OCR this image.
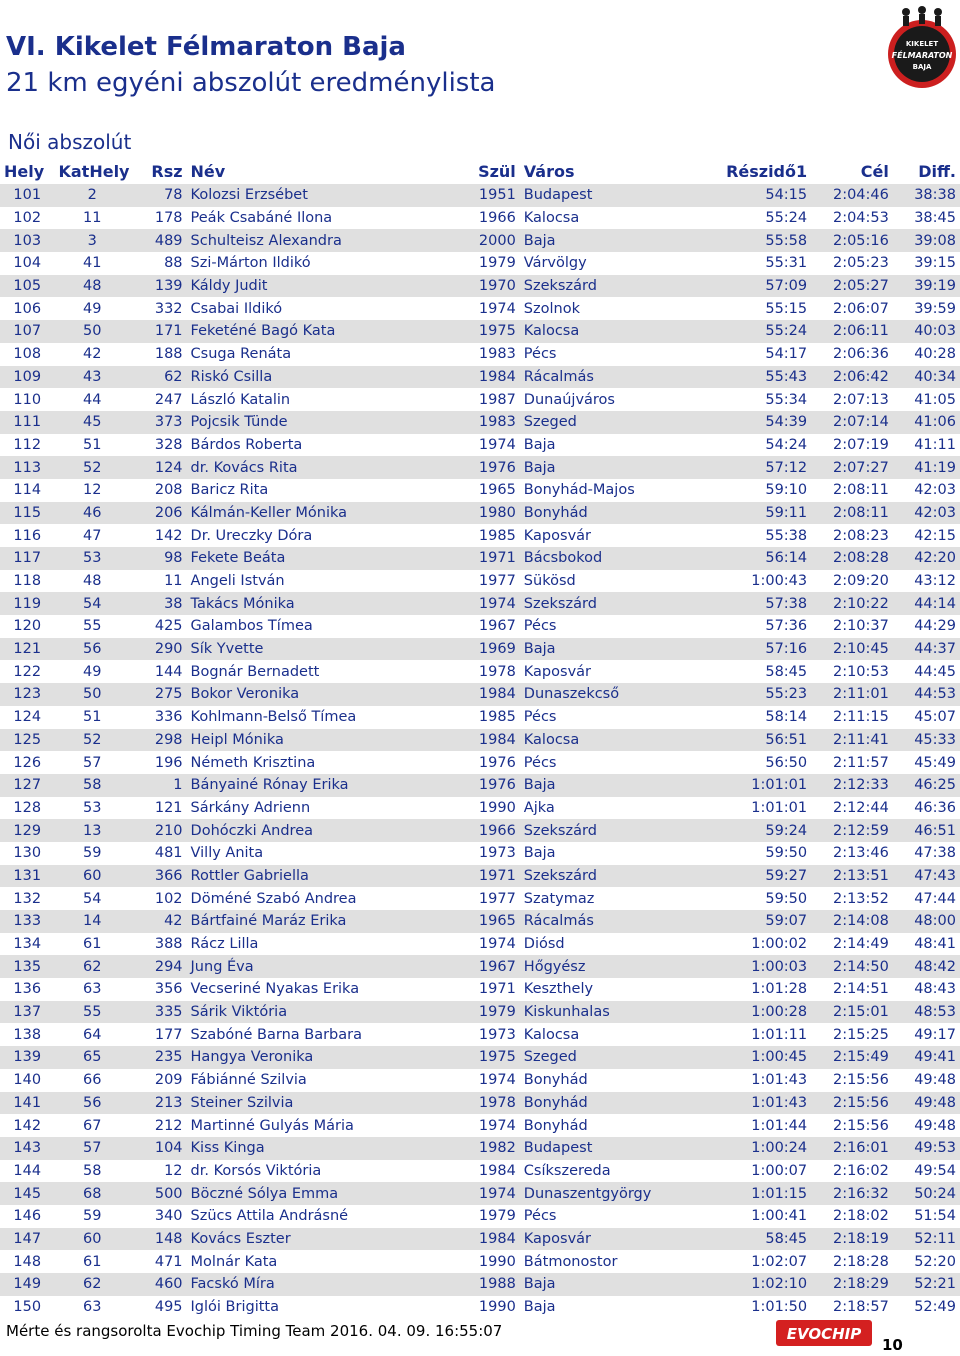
VI. Kikelet Félmaraton Baja
21 km egyéni abszolút eredménylista
Női abszolút
KIKELET
FÉLMARATON
BAJA
Hely	KatHely	Rsz	Név	Szül	Város	Részidő1	Cél	Diff.
101	2	78	Kolozsi Erzsébet	1951	Budapest	54:15	2:04:46	38:38
102	11	178	Peák Csabáné Ilona	1966	Kalocsa	55:24	2:04:53	38:45
103	3	489	Schulteisz Alexandra	2000	Baja	55:58	2:05:16	39:08
104	41	88	Szi-Márton Ildikó	1979	Várvölgy	55:31	2:05:23	39:15
105	48	139	Káldy Judit	1970	Szekszárd	57:09	2:05:27	39:19
106	49	332	Csabai Ildikó	1974	Szolnok	55:15	2:06:07	39:59
107	50	171	Feketéné Bagó Kata	1975	Kalocsa	55:24	2:06:11	40:03
108	42	188	Csuga Renáta	1983	Pécs	54:17	2:06:36	40:28
109	43	62	Riskó Csilla	1984	Rácalmás	55:43	2:06:42	40:34
110	44	247	László Katalin	1987	Dunaújváros	55:34	2:07:13	41:05
111	45	373	Pojcsik Tünde	1983	Szeged	54:39	2:07:14	41:06
112	51	328	Bárdos Roberta	1974	Baja	54:24	2:07:19	41:11
113	52	124	dr. Kovács Rita	1976	Baja	57:12	2:07:27	41:19
114	12	208	Baricz Rita	1965	Bonyhád-Majos	59:10	2:08:11	42:03
115	46	206	Kálmán-Keller Mónika	1980	Bonyhád	59:11	2:08:11	42:03
116	47	142	Dr. Ureczky Dóra	1985	Kaposvár	55:38	2:08:23	42:15
117	53	98	Fekete Beáta	1971	Bácsbokod	56:14	2:08:28	42:20
118	48	11	Angeli István	1977	Sükösd	1:00:43	2:09:20	43:12
119	54	38	Takács Mónika	1974	Szekszárd	57:38	2:10:22	44:14
120	55	425	Galambos Tímea	1967	Pécs	57:36	2:10:37	44:29
121	56	290	Sík Yvette	1969	Baja	57:16	2:10:45	44:37
122	49	144	Bognár Bernadett	1978	Kaposvár	58:45	2:10:53	44:45
123	50	275	Bokor Veronika	1984	Dunaszekcső	55:23	2:11:01	44:53
124	51	336	Kohlmann-Belső Tímea	1985	Pécs	58:14	2:11:15	45:07
125	52	298	Heipl Mónika	1984	Kalocsa	56:51	2:11:41	45:33
126	57	196	Németh Krisztina	1976	Pécs	56:50	2:11:57	45:49
127	58	1	Bányainé Rónay Erika	1976	Baja	1:01:01	2:12:33	46:25
128	53	121	Sárkány Adrienn	1990	Ajka	1:01:01	2:12:44	46:36
129	13	210	Dohóczki Andrea	1966	Szekszárd	59:24	2:12:59	46:51
130	59	481	Villy Anita	1973	Baja	59:50	2:13:46	47:38
131	60	366	Rottler Gabriella	1971	Szekszárd	59:27	2:13:51	47:43
132	54	102	Döméné Szabó Andrea	1977	Szatymaz	59:50	2:13:52	47:44
133	14	42	Bártfainé Maráz Erika	1965	Rácalmás	59:07	2:14:08	48:00
134	61	388	Rácz Lilla	1974	Diósd	1:00:02	2:14:49	48:41
135	62	294	Jung Éva	1967	Hőgyész	1:00:03	2:14:50	48:42
136	63	356	Vecseriné Nyakas Erika	1971	Keszthely	1:01:28	2:14:51	48:43
137	55	335	Sárik Viktória	1979	Kiskunhalas	1:00:28	2:15:01	48:53
138	64	177	Szabóné Barna Barbara	1973	Kalocsa	1:01:11	2:15:25	49:17
139	65	235	Hangya Veronika	1975	Szeged	1:00:45	2:15:49	49:41
140	66	209	Fábiánné Szilvia	1974	Bonyhád	1:01:43	2:15:56	49:48
141	56	213	Steiner Szilvia	1978	Bonyhád	1:01:43	2:15:56	49:48
142	67	212	Martinné Gulyás Mária	1974	Bonyhád	1:01:44	2:15:56	49:48
143	57	104	Kiss Kinga	1982	Budapest	1:00:24	2:16:01	49:53
144	58	12	dr. Korsós Viktória	1984	Csíkszereda	1:00:07	2:16:02	49:54
145	68	500	Böczné Sólya Emma	1974	Dunaszentgyörgy	1:01:15	2:16:32	50:24
146	59	340	Szücs Attila Andrásné	1979	Pécs	1:00:41	2:18:02	51:54
147	60	148	Kovács Eszter	1984	Kaposvár	58:45	2:18:19	52:11
148	61	471	Molnár Kata	1990	Bátmonostor	1:02:07	2:18:28	52:20
149	62	460	Facskó Míra	1988	Baja	1:02:10	2:18:29	52:21
150	63	495	Iglói Brigitta	1990	Baja	1:01:50	2:18:57	52:49
Mérte és rangsorolta Evochip Timing Team 2016. 04. 09. 16:55:07	EVOCHIP
10
